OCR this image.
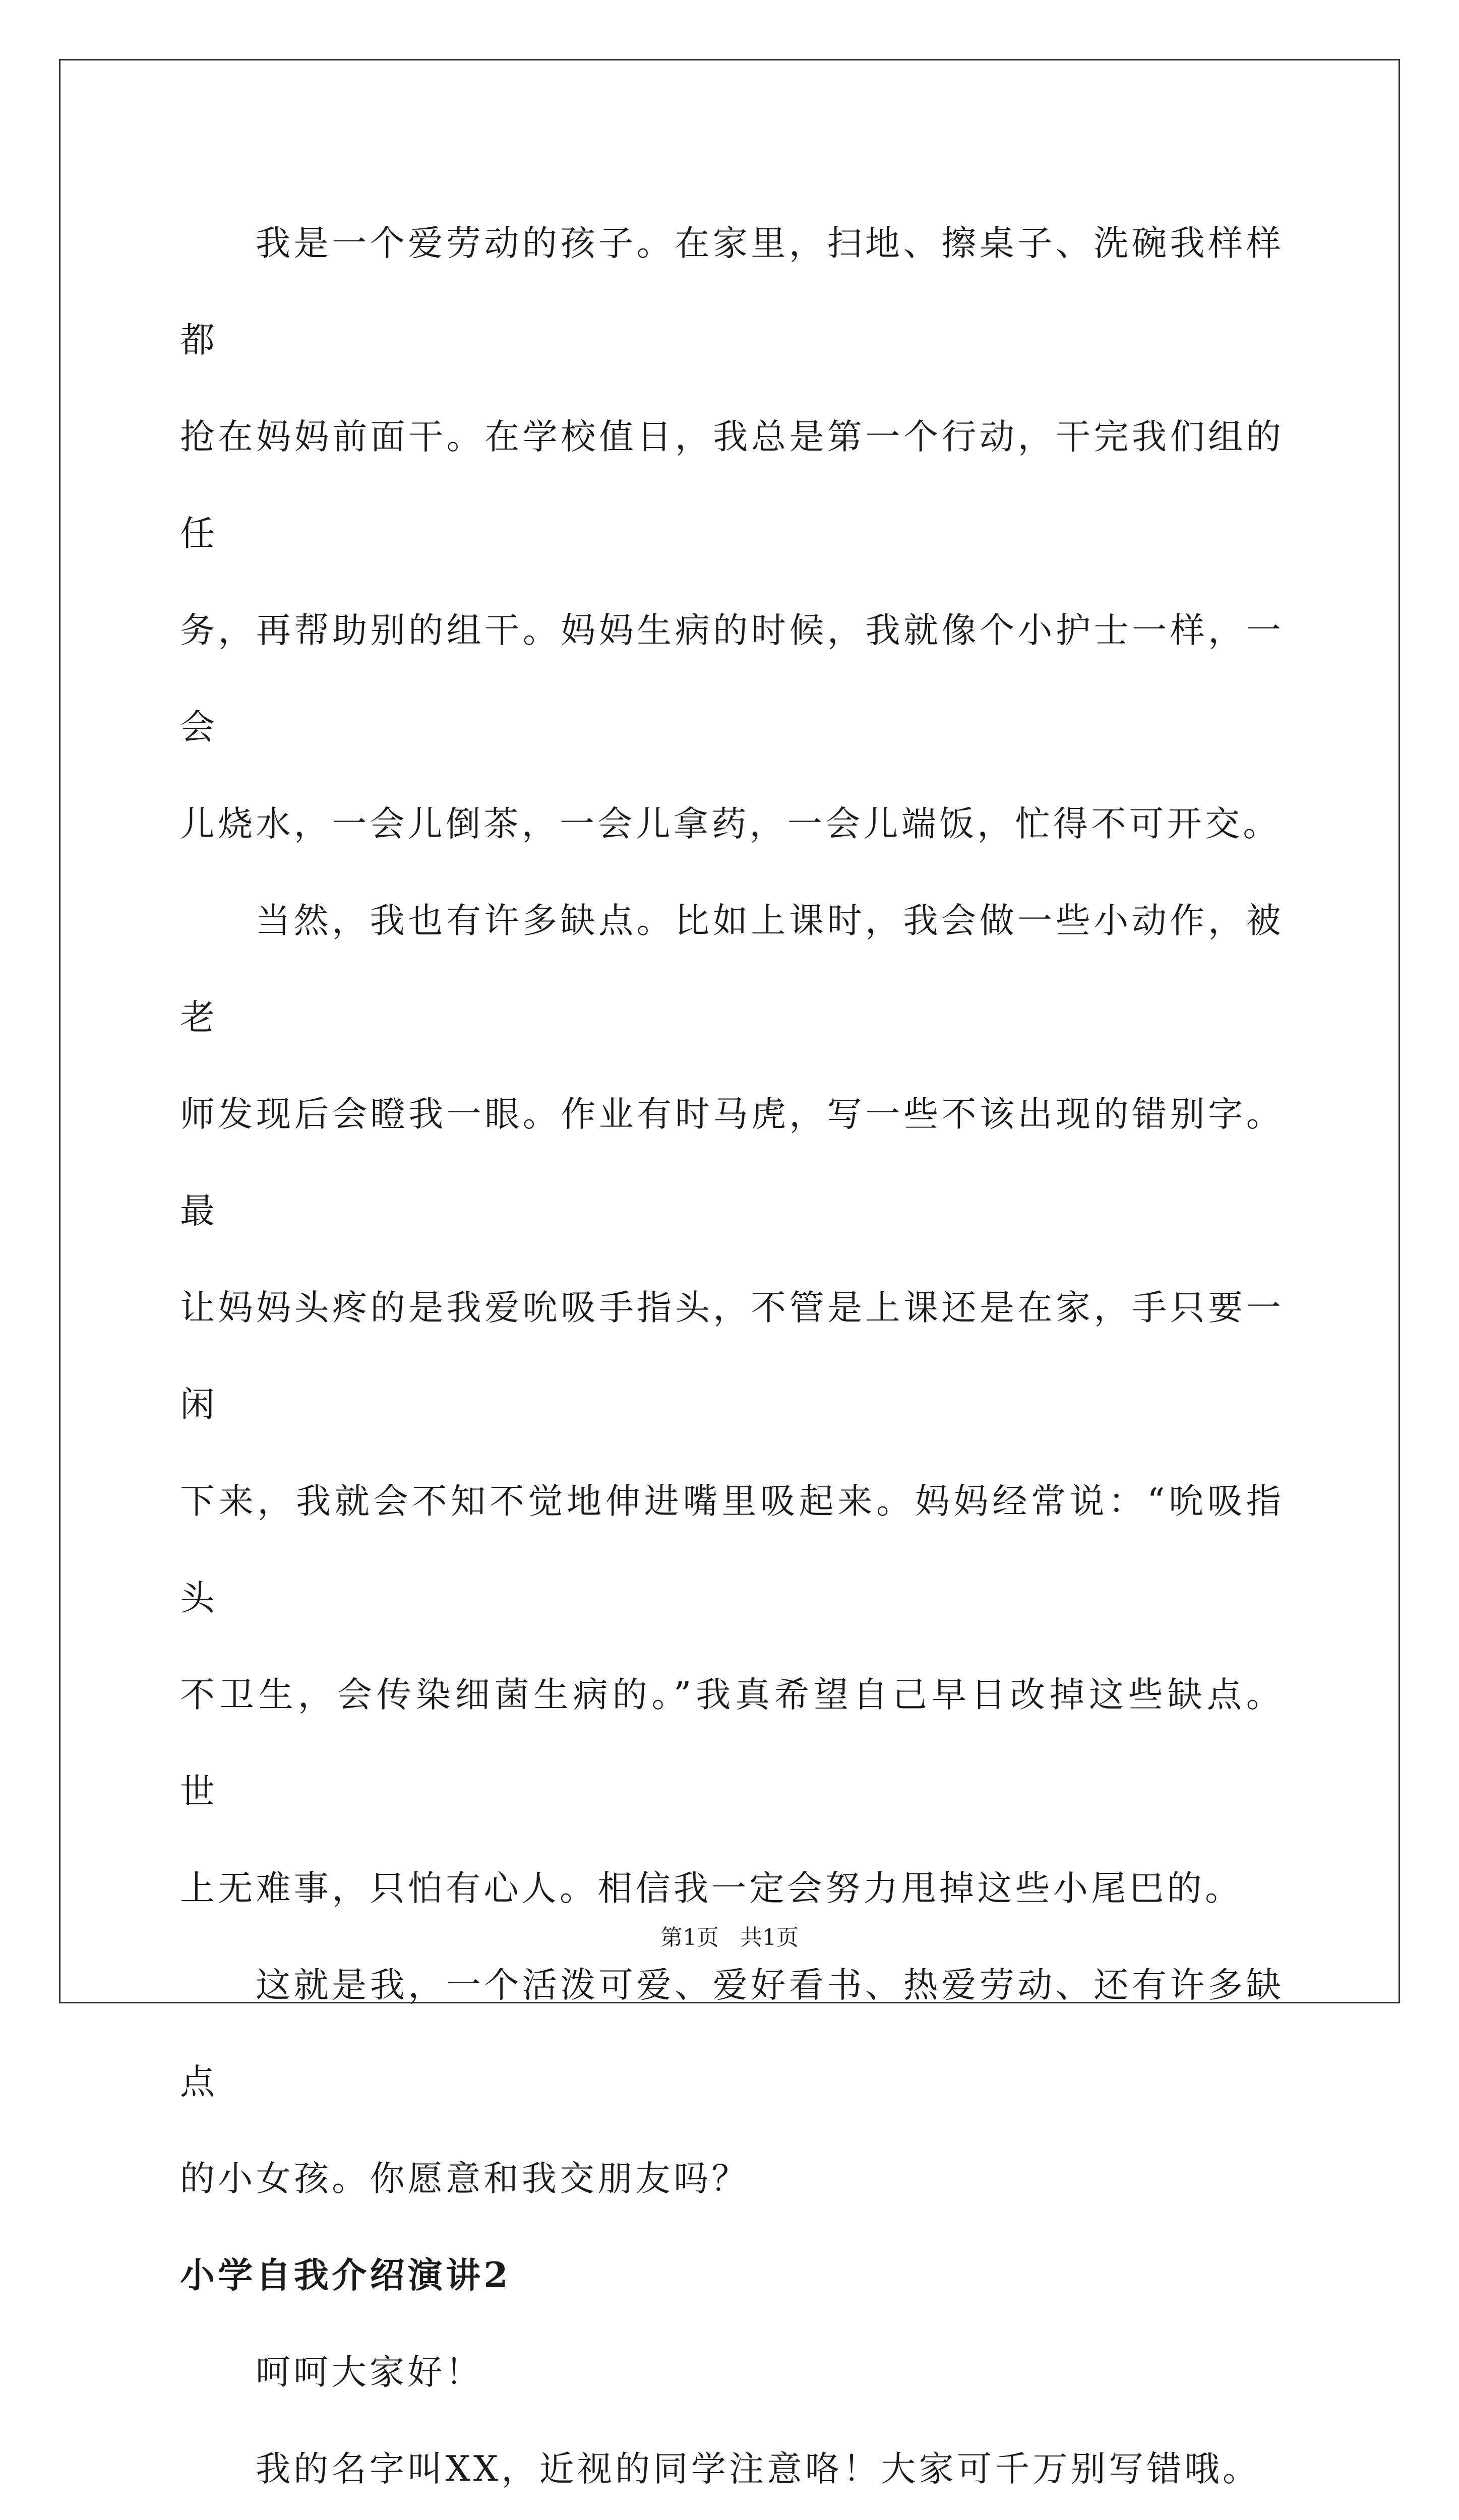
我是一个爱劳动的孩子。在家里，扫地、擦桌子、洗碗我样样都
抢在妈妈前面干。在学校值日，我总是第一个行动，干完我们组的任
务，再帮助别的组干。妈妈生病的时候，我就像个小护士一样，一会
儿烧水，一会儿倒茶，一会儿拿药，一会儿端饭，忙得不可开交。

当然，我也有许多缺点。比如上课时，我会做一些小动作，被老
师发现后会瞪我一眼。作业有时马虎，写一些不该出现的错别字。最
让妈妈头疼的是我爱吮吸手指头，不管是上课还是在家，手只要一闲
下来，我就会不知不觉地伸进嘴里吸起来。妈妈经常说：“吮吸指头
不卫生，会传染细菌生病的。”我真希望自己早日改掉这些缺点。世
上无难事，只怕有心人。相信我一定会努力甩掉这些小尾巴的。

这就是我，一个活泼可爱、爱好看书、热爱劳动、还有许多缺点
的小女孩。你愿意和我交朋友吗？

小学自我介绍演讲2

呵呵大家好！

我的名字叫XX，近视的同学注意咯！大家可千万别写错哦。

第1页   共1页
